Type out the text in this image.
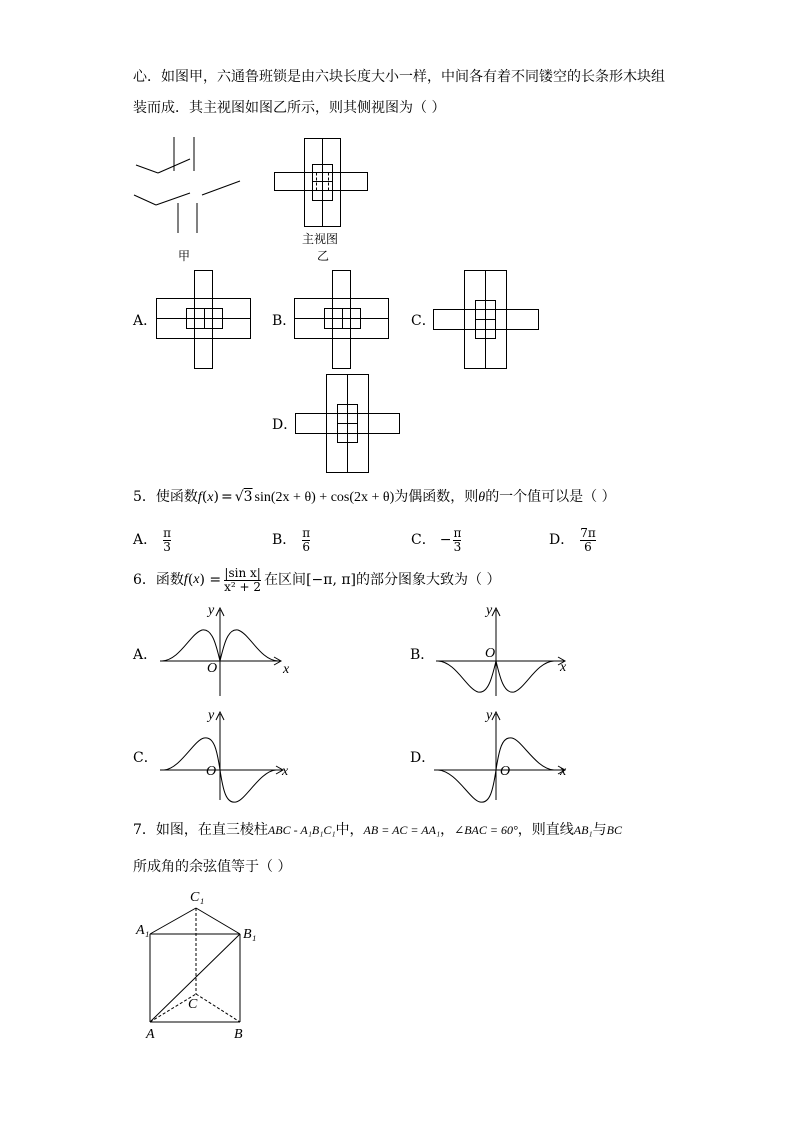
心．如图甲，六通鲁班锁是由六块长度大小一样，中间各有着不同镂空的长条形木块组
装而成．其主视图如图乙所示，则其侧视图为（ ）
甲
主视图
乙
A．	B．	C．
D．
5．使函数f(x) = √3 sin(2x + θ) + cos(2x + θ)为偶函数，则θ的一个值可以是（ ）
A． $\frac{\pi}{3}$	B． $\frac{\pi}{6}$	C． − $\frac{\pi}{3}$	D． $\frac{7\pi}{6}$
6．函数 f ( x ) = $\frac{\text{|sin x|}}{\text{x² + 2}}$ 在区间 [−π, π] 的部分图象大致为（ ）
A．
y
O	x
B．
y
O
x
C．
y
O	x
D．
y
O	x
7．如图，在直三棱柱ABC - A₁B₁C₁中，AB = AC = AA₁，∠BAC = 60°，则直线AB₁与BC
所成角的余弦值等于（ ）
C₁
A₁	B₁
C
A	B
